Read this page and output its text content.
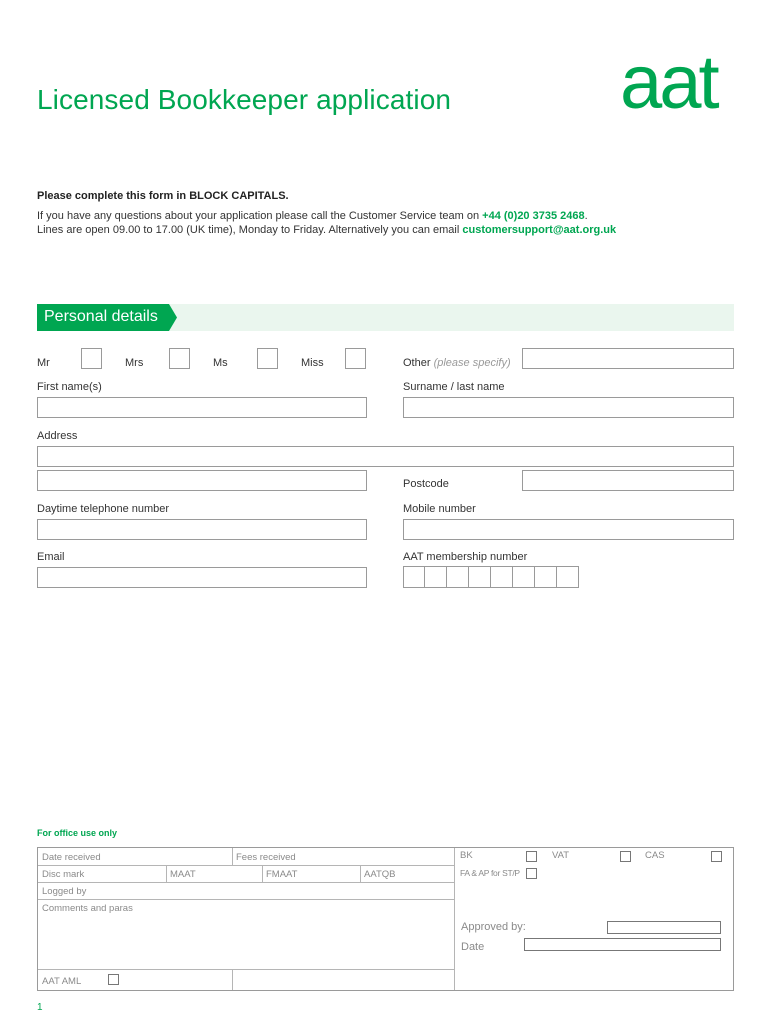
Licensed Bookkeeper application aat
Please complete this form in BLOCK CAPITALS.
If you have any questions about your application please call the Customer Service team on +44 (0)20 3735 2468.
Lines are open 09.00 to 17.00 (UK time), Monday to Friday. Alternatively you can email customersupport@aat.org.uk
Personal details
Mr	Mrs	Ms	Miss	Other (please specify)
First name(s)	Surname / last name
Address
Postcode
Daytime telephone number	Mobile number
Email	AAT membership number
For office use only
Date received	Fees received
Disc mark	MAAT	FMAAT	AATQB
Logged by
Comments and paras
AAT AML
BK	VAT	CAS
FA & AP for ST/P
Approved by:
Date
1
